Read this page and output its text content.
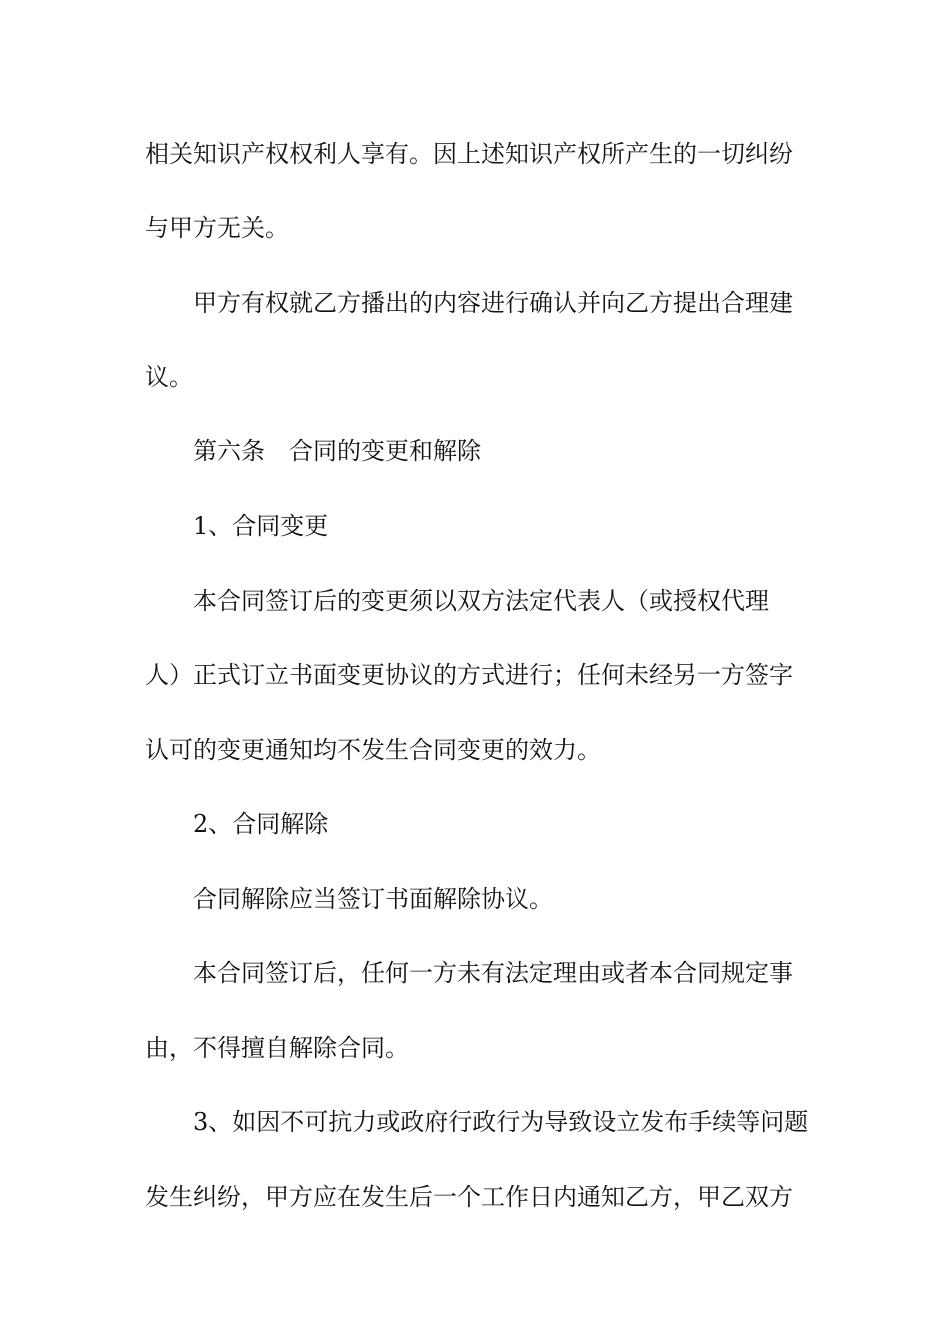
相关知识产权权利人享有。因上述知识产权所产生的一切纠纷

与甲方无关。

甲方有权就乙方播出的内容进行确认并向乙方提出合理建

议。

第六条　合同的变更和解除

1、合同变更

本合同签订后的变更须以双方法定代表人（或授权代理

人）正式订立书面变更协议的方式进行；任何未经另一方签字

认可的变更通知均不发生合同变更的效力。

2、合同解除

合同解除应当签订书面解除协议。

本合同签订后，任何一方未有法定理由或者本合同规定事

由，不得擅自解除合同。

3、如因不可抗力或政府行政行为导致设立发布手续等问题

发生纠纷，甲方应在发生后一个工作日内通知乙方，甲乙双方
